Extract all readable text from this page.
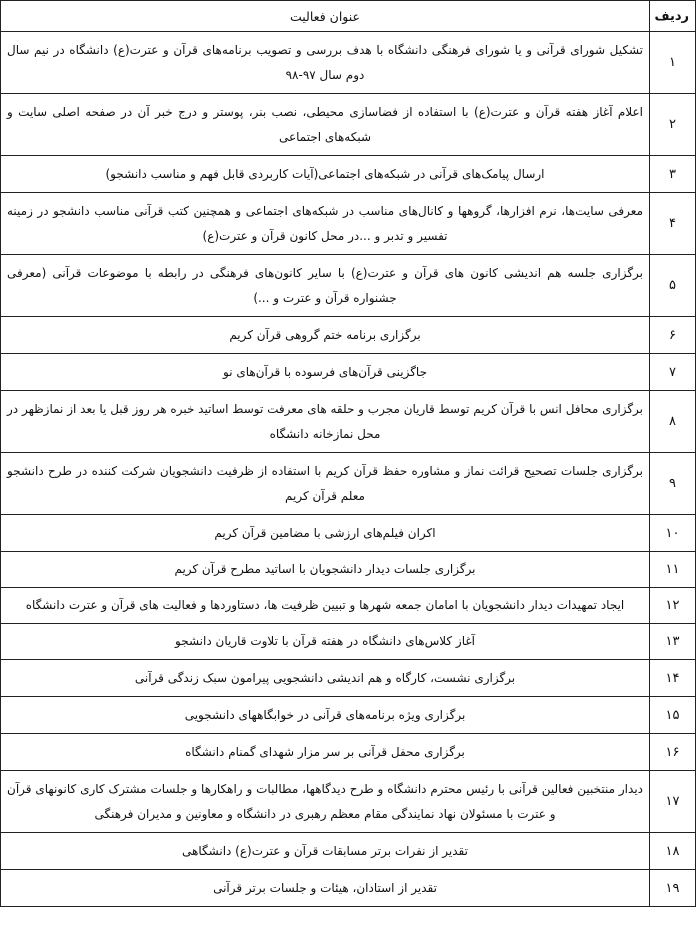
ردیف	عنوان فعالیت
۱	تشکیل شورای قرآنی و یا شورای فرهنگی دانشگاه با هدف بررسی و تصویب برنامه‌های قرآن و عترت(ع) دانشگاه در نیم سال دوم سال ۹۷-۹۸
۲	اعلام آغاز هفته قرآن و عترت(ع) با استفاده از فضاسازی محیطی، نصب بنر، پوستر و درج خبر آن در صفحه اصلی سایت و شبکه‌های اجتماعی
۳	ارسال پیامک‌های قرآنی در شبکه‌های اجتماعی(آیات کاربردی قابل فهم و مناسب دانشجو)
۴	معرفی سایت‌ها، نرم افزارها، گروهها و کانال‌های مناسب در شبکه‌های اجتماعی و همچنین کتب قرآنی مناسب دانشجو در زمینه تفسیر و تدبر و ...در محل کانون قرآن و عترت(ع)
۵	برگزاری جلسه هم اندیشی کانون های قرآن و عترت(ع) با سایر کانون‌های فرهنگی در رابطه با موضوعات قرآنی (معرفی جشنواره قرآن و عترت و ...)
۶	برگزاری برنامه ختم گروهی قرآن کریم
۷	جاگزینی قرآن‌های فرسوده با قرآن‌های نو
۸	برگزاری محافل انس با قرآن کریم توسط قاریان مجرب و حلقه های معرفت توسط اساتید خبره هر روز قبل یا بعد از نمازظهر در محل نمازخانه دانشگاه
۹	برگزاری جلسات تصحیح قرائت نماز و مشاوره حفظ قرآن کریم با استفاده از ظرفیت دانشجویان شرکت کننده در طرح دانشجو معلم قرآن کریم
۱۰	اکران فیلم‌های ارزشی با مضامین قرآن کریم
۱۱	برگزاری جلسات دیدار دانشجویان با اساتید مطرح قرآن کریم
۱۲	ایجاد تمهیدات دیدار دانشجویان با امامان جمعه شهرها و تبیین ظرفیت ها، دستاوردها و فعالیت های قرآن و عترت دانشگاه
۱۳	آغاز کلاس‌های دانشگاه در هفته قرآن با تلاوت قاریان دانشجو
۱۴	برگزاری نشست، کارگاه و هم اندیشی دانشجویی پیرامون سبک زندگی قرآنی
۱۵	برگزاری ویژه برنامه‌های قرآنی در خوابگاههای دانشجویی
۱۶	برگزاری محفل قرآنی بر سر مزار شهدای گمنام دانشگاه
۱۷	دیدار منتخبین فعالین قرآنی با رئیس محترم دانشگاه و طرح دیدگاهها، مطالبات و راهکارها و جلسات مشترک کاری کانونهای قرآن و عترت با مسئولان نهاد نمایندگی مقام معظم رهبری در دانشگاه و معاونین و مدیران فرهنگی
۱۸	تقدیر از نفرات برتر مسابقات قرآن و عترت(ع) دانشگاهی
۱۹	تقدیر از استادان، هیئات و جلسات برتر قرآنی
